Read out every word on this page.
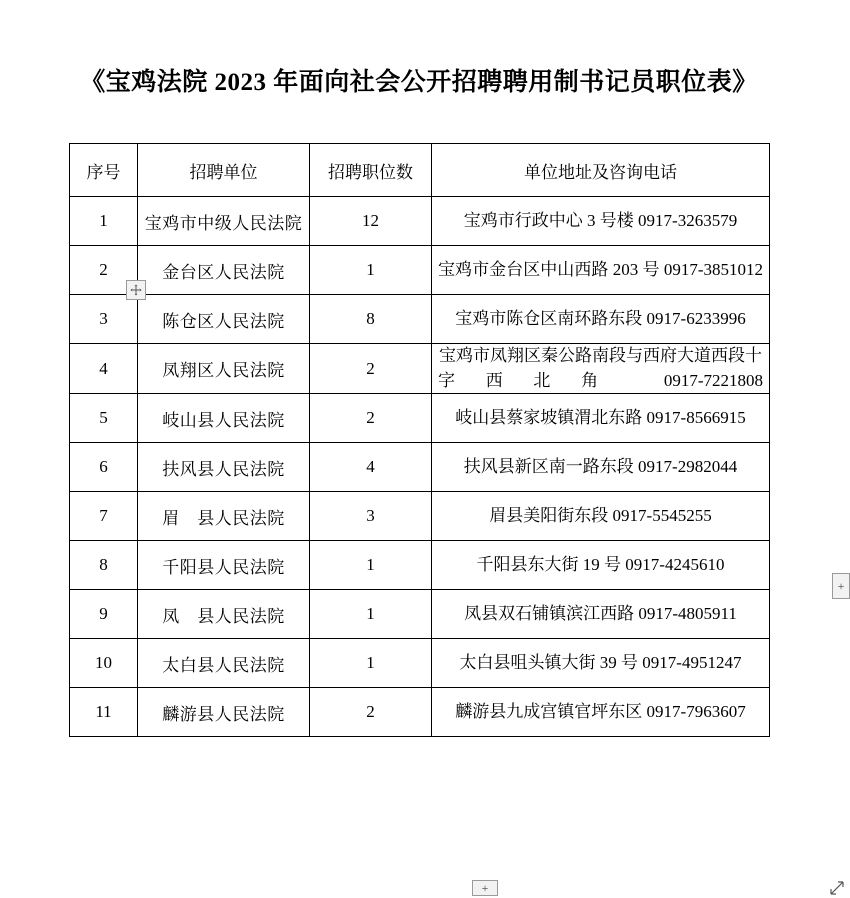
《宝鸡法院 2023 年面向社会公开招聘聘用制书记员职位表》
序号	招聘单位	招聘职位数	单位地址及咨询电话
1	宝鸡市中级人民法院	12	宝鸡市行政中心 3 号楼 0917-3263579
2	金台区人民法院	1	宝鸡市金台区中山西路 203 号 0917-3851012
3	陈仓区人民法院	8	宝鸡市陈仓区南环路东段 0917-6233996
4	凤翔区人民法院	2	宝鸡市凤翔区秦公路南段与西府大道西段十字西北角 0917-7221808
5	岐山县人民法院	2	岐山县蔡家坡镇渭北东路 0917-8566915
6	扶风县人民法院	4	扶风县新区南一路东段 0917-2982044
7	眉　县人民法院	3	眉县美阳街东段 0917-5545255
8	千阳县人民法院	1	千阳县东大街 19 号 0917-4245610
9	凤　县人民法院	1	凤县双石铺镇滨江西路 0917-4805911
10	太白县人民法院	1	太白县咀头镇大街 39 号 0917-4951247
11	麟游县人民法院	2	麟游县九成宫镇官坪东区 0917-7963607
+
+
